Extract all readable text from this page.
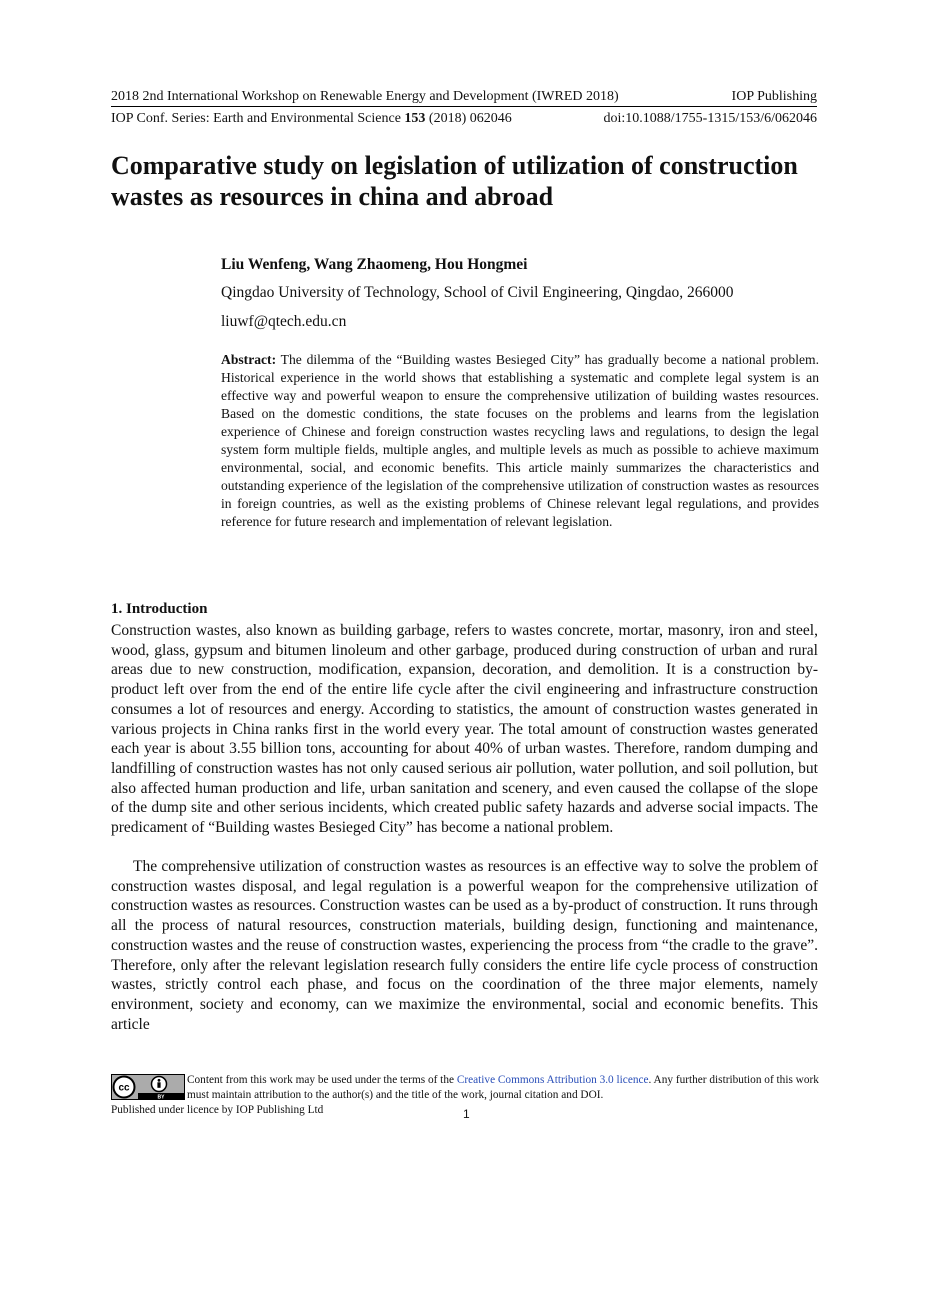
2018 2nd International Workshop on Renewable Energy and Development (IWRED 2018)	IOP Publishing
IOP Conf. Series: Earth and Environmental Science 153 (2018) 062046	doi:10.1088/1755-1315/153/6/062046
Comparative study on legislation of utilization of construction wastes as resources in china and abroad
Liu Wenfeng, Wang Zhaomeng, Hou Hongmei
Qingdao University of Technology, School of Civil Engineering, Qingdao, 266000
liuwf@qtech.edu.cn

Abstract: The dilemma of the “Building wastes Besieged City” has gradually become a national problem. Historical experience in the world shows that establishing a systematic and complete legal system is an effective way and powerful weapon to ensure the comprehensive utilization of building wastes resources. Based on the domestic conditions, the state focuses on the problems and learns from the legislation experience of Chinese and foreign construction wastes recycling laws and regulations, to design the legal system form multiple fields, multiple angles, and multiple levels as much as possible to achieve maximum environmental, social, and economic benefits. This article mainly summarizes the characteristics and outstanding experience of the legislation of the comprehensive utilization of construction wastes as resources in foreign countries, as well as the existing problems of Chinese relevant legal regulations, and provides reference for future research and implementation of relevant legislation.

1. Introduction

Construction wastes, also known as building garbage, refers to wastes concrete, mortar, masonry, iron and steel, wood, glass, gypsum and bitumen linoleum and other garbage, produced during construction of urban and rural areas due to new construction, modification, expansion, decoration, and demolition. It is a construction by-product left over from the end of the entire life cycle after the civil engineering and infrastructure construction consumes a lot of resources and energy. According to statistics, the amount of construction wastes generated in various projects in China ranks first in the world every year. The total amount of construction wastes generated each year is about 3.55 billion tons, accounting for about 40% of urban wastes. Therefore, random dumping and landfilling of construction wastes has not only caused serious air pollution, water pollution, and soil pollution, but also affected human production and life, urban sanitation and scenery, and even caused the collapse of the slope of the dump site and other serious incidents, which created public safety hazards and adverse social impacts. The predicament of “Building wastes Besieged City” has become a national problem.

The comprehensive utilization of construction wastes as resources is an effective way to solve the problem of construction wastes disposal, and legal regulation is a powerful weapon for the comprehensive utilization of construction wastes as resources. Construction wastes can be used as a by-product of construction. It runs through all the process of natural resources, construction materials, building design, functioning and maintenance, construction wastes and the reuse of construction wastes, experiencing the process from “the cradle to the grave”. Therefore, only after the relevant legislation research fully considers the entire life cycle process of construction wastes, strictly control each phase, and focus on the coordination of the three major elements, namely environment, society and economy, can we maximize the environmental, social and economic benefits. This article

cc
BY
Content from this work may be used under the terms of the Creative Commons Attribution 3.0 licence. Any further distribution of this work must maintain attribution to the author(s) and the title of the work, journal citation and DOI.
Published under licence by IOP Publishing Ltd	1
